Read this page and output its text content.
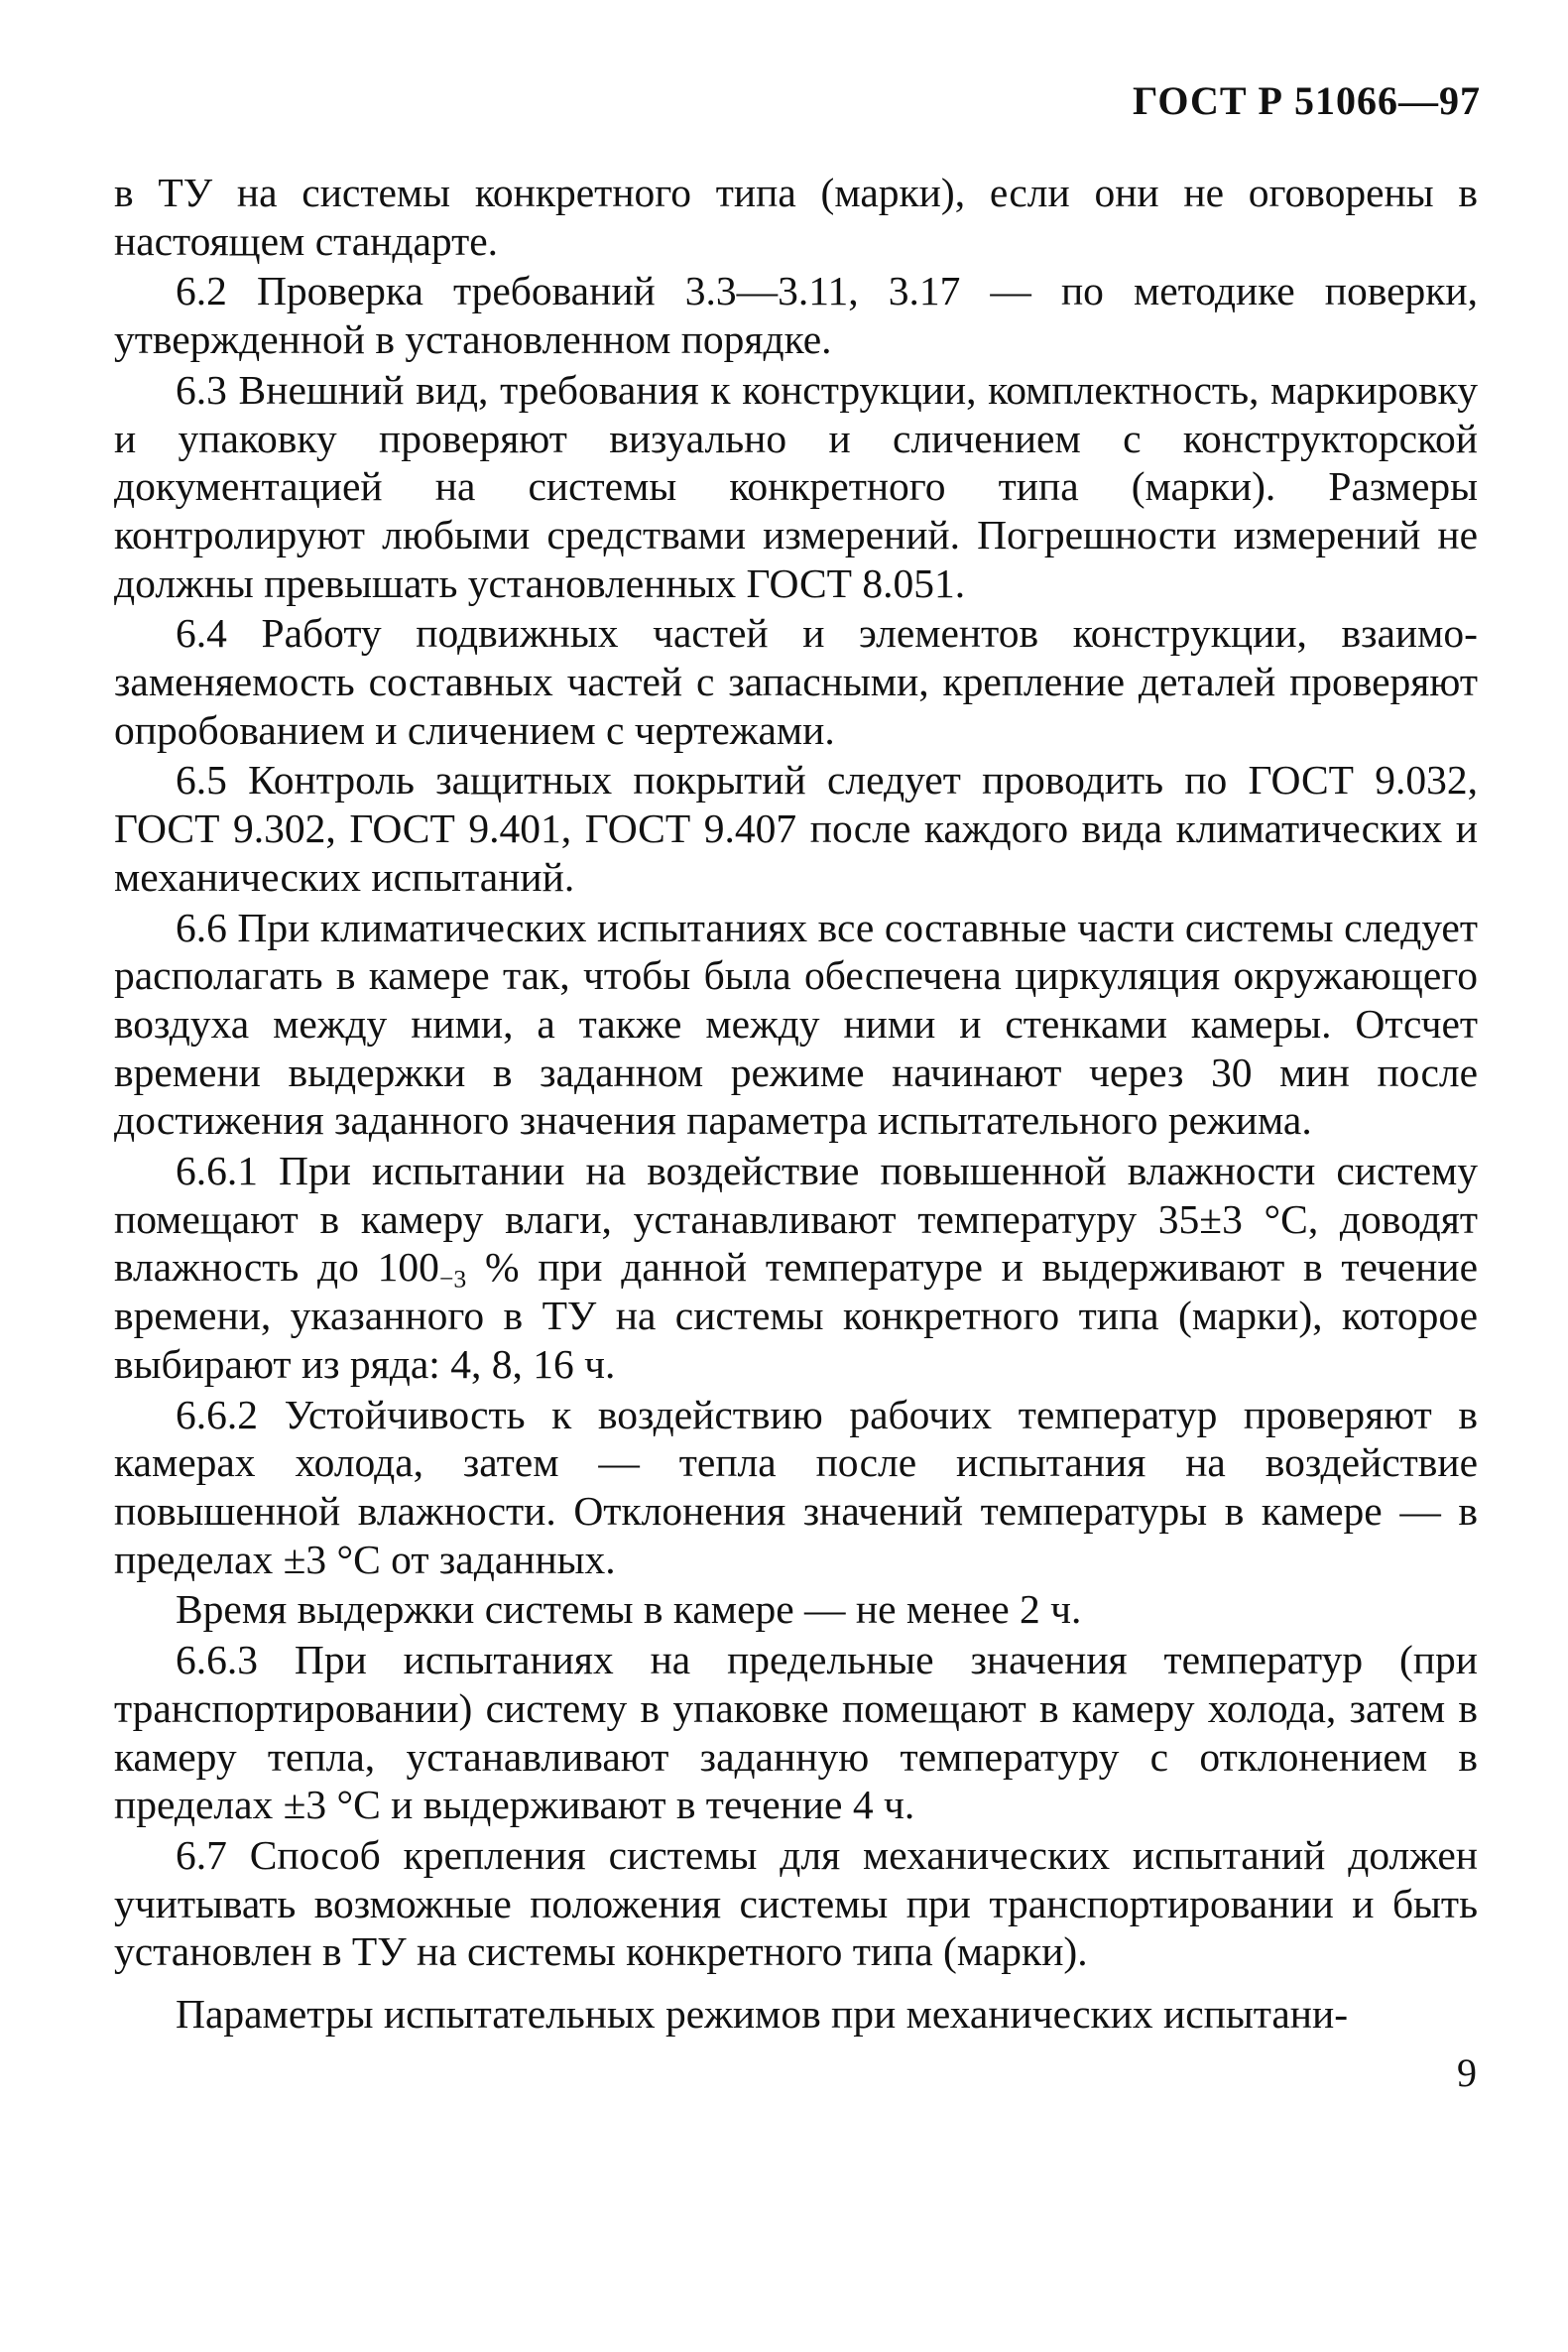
ГОСТ Р 51066—97

в ТУ на системы конкретного типа (марки), если они не оговорены в настоящем стандарте.

6.2 Проверка требований 3.3—3.11, 3.17 — по методике поверки, утвержденной в установленном порядке.

6.3 Внешний вид, требования к конструкции, комплектность, маркировку и упаковку проверяют визуально и сличением с конструкторской документацией на системы конкретного типа (марки). Размеры контролируют любыми средствами измерений. Погрешности измерений не должны превышать установленных ГОСТ 8.051.

6.4 Работу подвижных частей и элементов конструкции, взаимозаменяемость составных частей с запасными, крепление деталей проверяют опробованием и сличением с чертежами.

6.5 Контроль защитных покрытий следует проводить по ГОСТ 9.032, ГОСТ 9.302, ГОСТ 9.401, ГОСТ 9.407 после каждого вида климатических и механических испытаний.

6.6 При климатических испытаниях все составные части системы следует располагать в камере так, чтобы была обеспечена циркуляция окружающего воздуха между ними, а также между ними и стенками камеры. Отсчет времени выдержки в заданном режиме начинают через 30 мин после достижения заданного значения параметра испытательного режима.

6.6.1 При испытании на воздействие повышенной влажности систему помещают в камеру влаги, устанавливают температуру 35±3 °С, доводят влажность до $100_{-3}$ % при данной температуре и выдерживают в течение времени, указанного в ТУ на системы конкретного типа (марки), которое выбирают из ряда: 4, 8, 16 ч.

6.6.2 Устойчивость к воздействию рабочих температур проверяют в камерах холода, затем — тепла после испытания на воздействие повышенной влажности. Отклонения значений температуры в камере — в пределах ±3 °С от заданных.

Время выдержки системы в камере — не менее 2 ч.

6.6.3 При испытаниях на предельные значения температур (при транспортировании) систему в упаковке помещают в камеру холода, затем в камеру тепла, устанавливают заданную температуру с отклонением в пределах ±3 °С и выдерживают в течение 4 ч.

6.7 Способ крепления системы для механических испытаний должен учитывать возможные положения системы при транспортировании и быть установлен в ТУ на системы конкретного типа (марки).

Параметры испытательных режимов при механических испытани-

9
